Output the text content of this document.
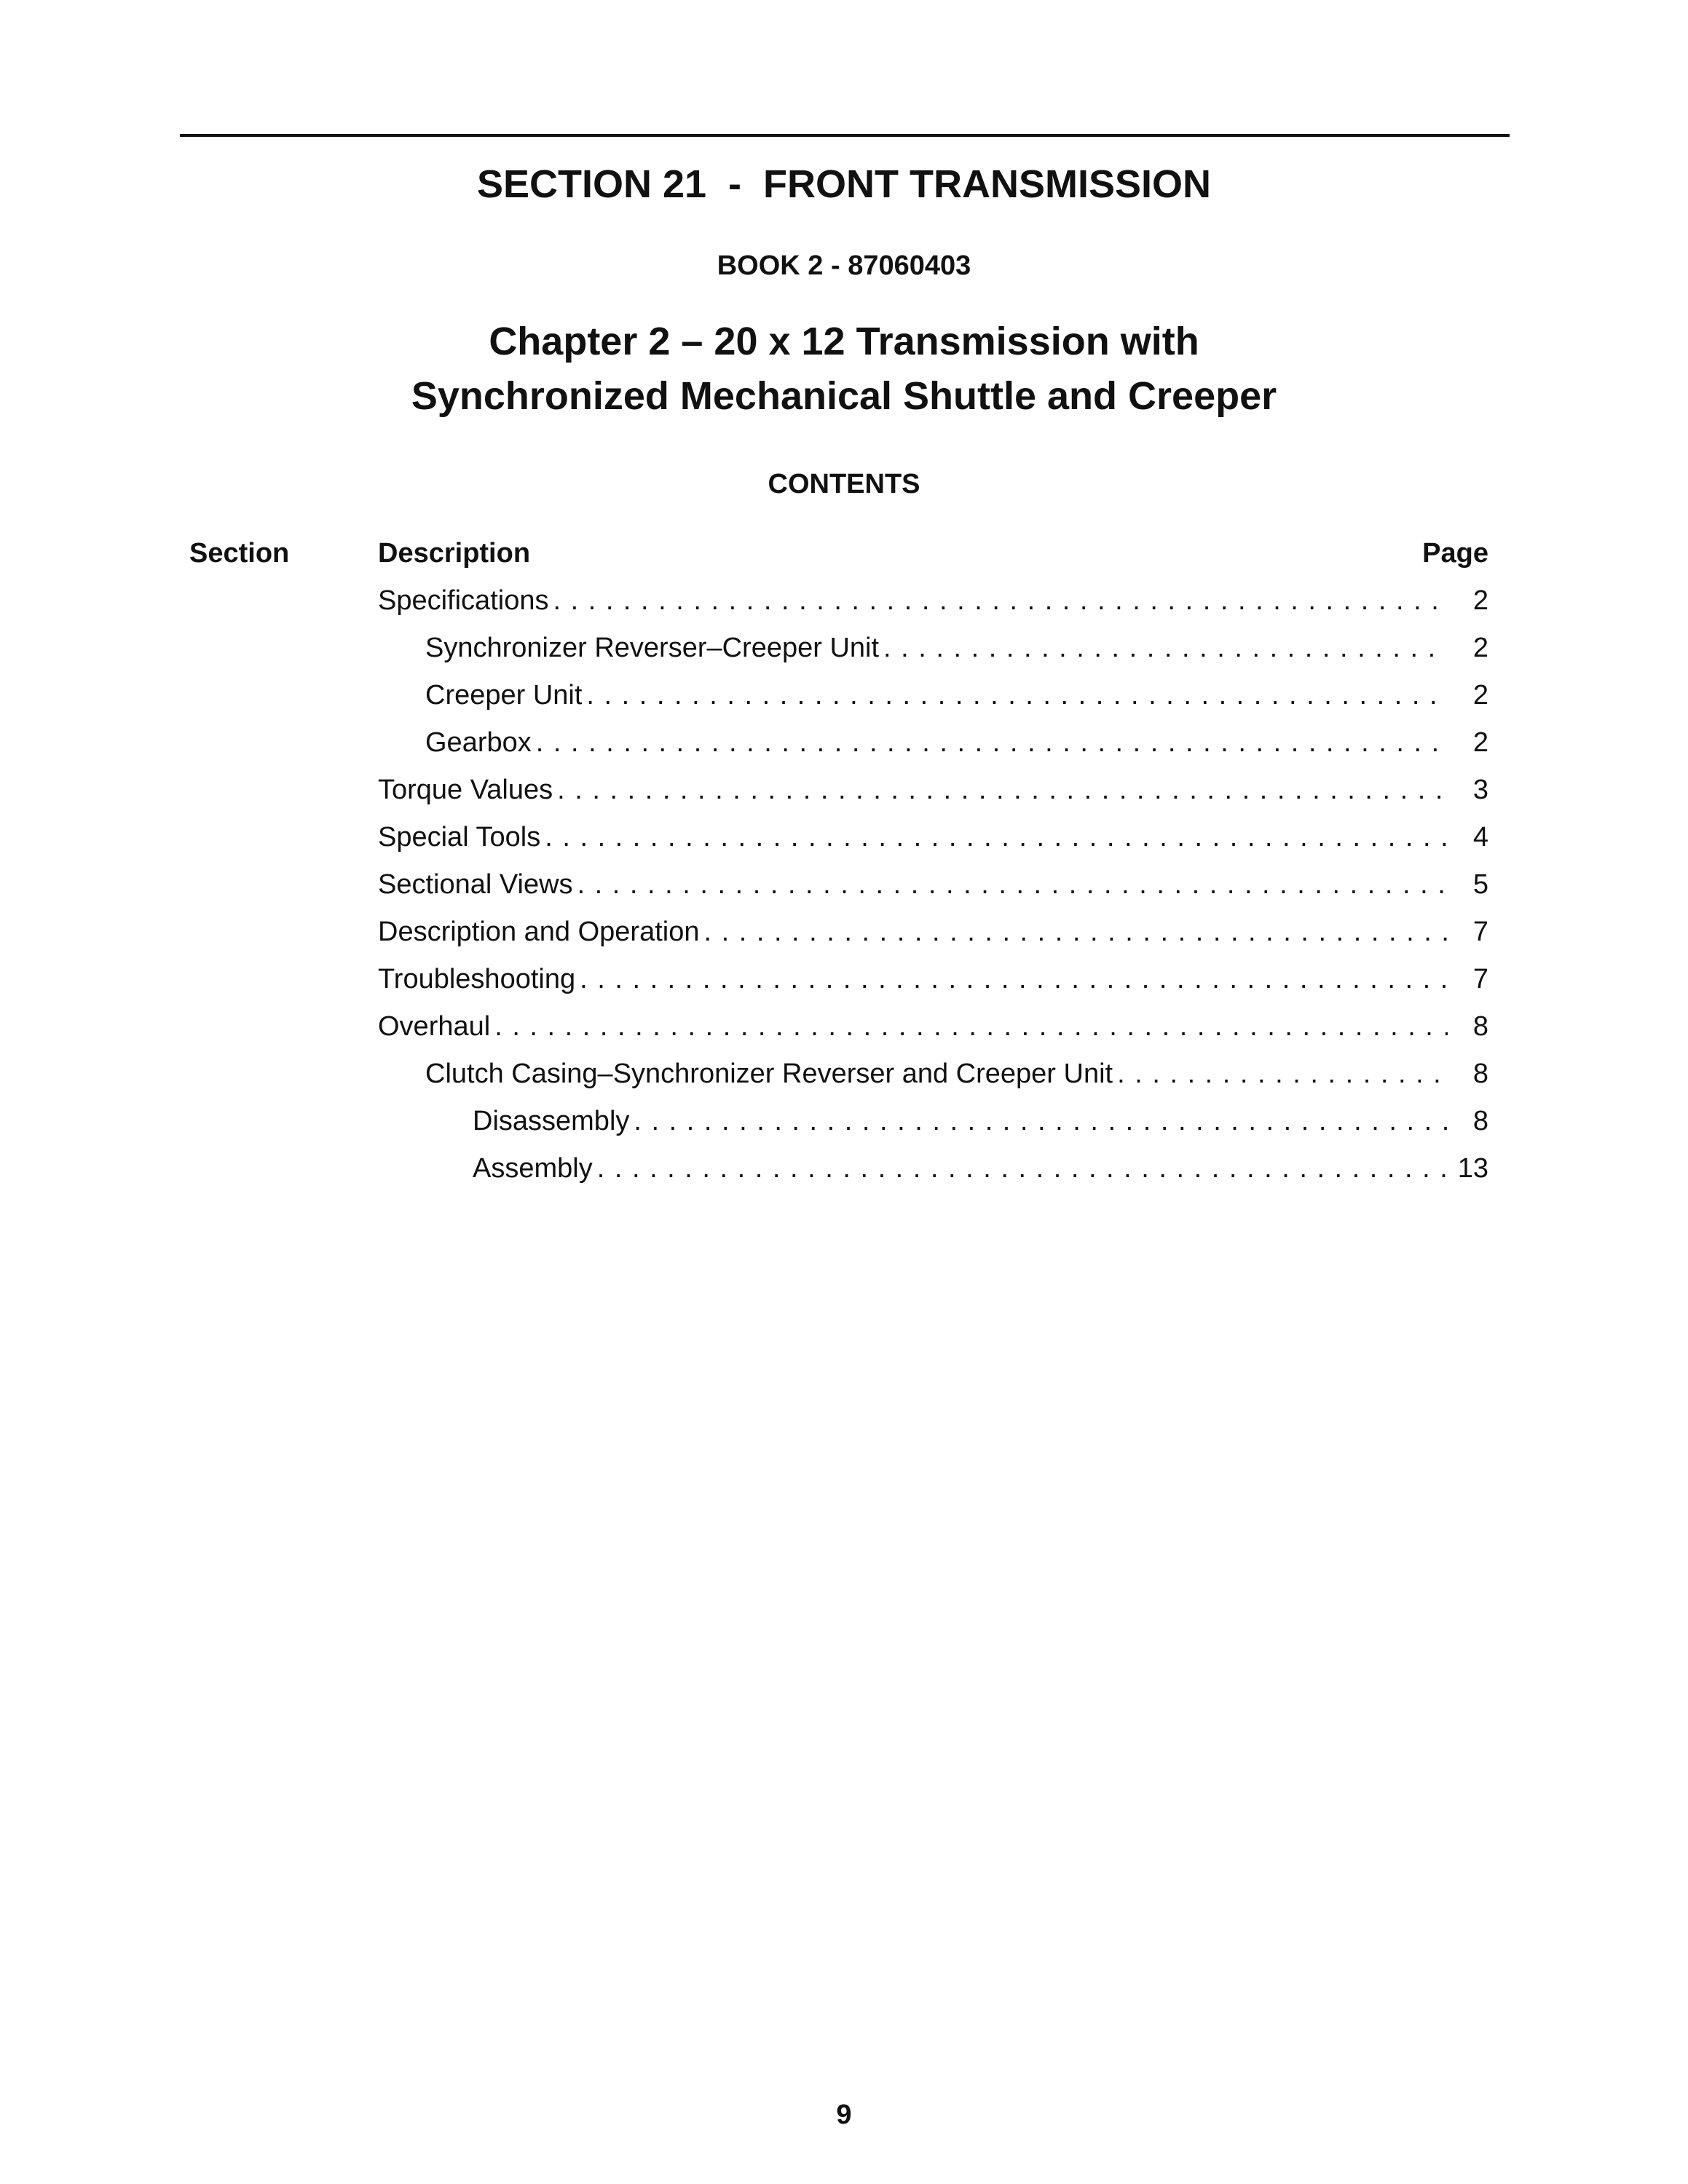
SECTION 21  -  FRONT TRANSMISSION
BOOK 2 - 87060403
Chapter 2 – 20 x 12 Transmission with
Synchronized Mechanical Shuttle and Creeper
CONTENTS
Section	Description	Page
Specifications . . .	2
Synchronizer Reverser–Creeper Unit . . .	2
Creeper Unit . . .	2
Gearbox . . .	2
Torque Values . . .	3
Special Tools . . .	4
Sectional Views . . .	5
Description and Operation . . .	7
Troubleshooting . . .	7
Overhaul . . .	8
Clutch Casing–Synchronizer Reverser and Creeper Unit . . .	8
Disassembly . . .	8
Assembly . . .	13
9
